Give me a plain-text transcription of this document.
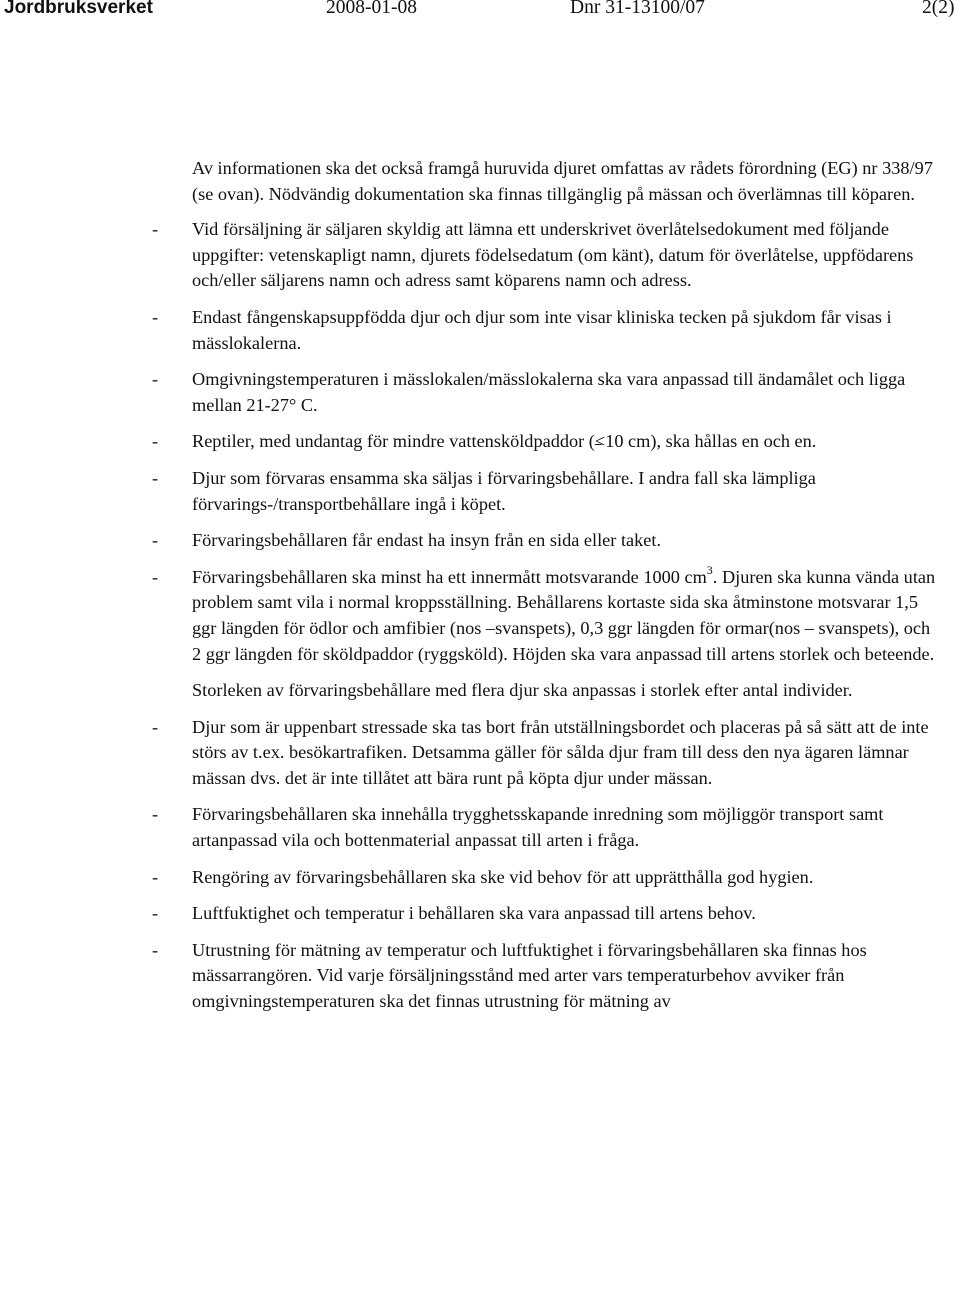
Jordbruksverket	2008-01-08	Dnr 31-13100/07	2(2)

Av informationen ska det också framgå huruvida djuret omfattas av rådets förordning (EG) nr 338/97 (se ovan). Nödvändig dokumentation ska finnas tillgänglig på mässan och överlämnas till köparen.

- Vid försäljning är säljaren skyldig att lämna ett underskrivet överlåtelsedokument med följande uppgifter: vetenskapligt namn, djurets födelsedatum (om känt), datum för överlåtelse, uppfödarens och/eller säljarens namn och adress samt köparens namn och adress.
- Endast fångenskapsuppfödda djur och djur som inte visar kliniska tecken på sjukdom får visas i mässlokalerna.
- Omgivningstemperaturen i mässlokalen/mässlokalerna ska vara anpassad till ändamålet och ligga mellan 21-27° C.
- Reptiler, med undantag för mindre vattensköldpaddor (≤10 cm), ska hållas en och en.
- Djur som förvaras ensamma ska säljas i förvaringsbehållare. I andra fall ska lämpliga förvarings-/transportbehållare ingå i köpet.
- Förvaringsbehållaren får endast ha insyn från en sida eller taket.
- Förvaringsbehållaren ska minst ha ett innermått motsvarande 1000 $cm^3$. Djuren ska kunna vända utan problem samt vila i normal kroppsställning. Behållarens kortaste sida ska åtminstone motsvarar 1,5 ggr längden för ödlor och amfibier (nos –svanspets), 0,3 ggr längden för ormar(nos – svanspets), och 2 ggr längden för sköldpaddor (ryggsköld). Höjden ska vara anpassad till artens storlek och beteende.
Storleken av förvaringsbehållare med flera djur ska anpassas i storlek efter antal individer.
- Djur som är uppenbart stressade ska tas bort från utställningsbordet och placeras på så sätt att de inte störs av t.ex. besökartrafiken. Detsamma gäller för sålda djur fram till dess den nya ägaren lämnar mässan dvs. det är inte tillåtet att bära runt på köpta djur under mässan.
- Förvaringsbehållaren ska innehålla trygghetsskapande inredning som möjliggör transport samt artanpassad vila och bottenmaterial anpassat till arten i fråga.
- Rengöring av förvaringsbehållaren ska ske vid behov för att upprätthålla god hygien.
- Luftfuktighet och temperatur i behållaren ska vara anpassad till artens behov.
- Utrustning för mätning av temperatur och luftfuktighet i förvaringsbehållaren ska finnas hos mässarrangören. Vid varje försäljningsstånd med arter vars temperaturbehov avviker från omgivningstemperaturen ska det finnas utrustning för mätning av
